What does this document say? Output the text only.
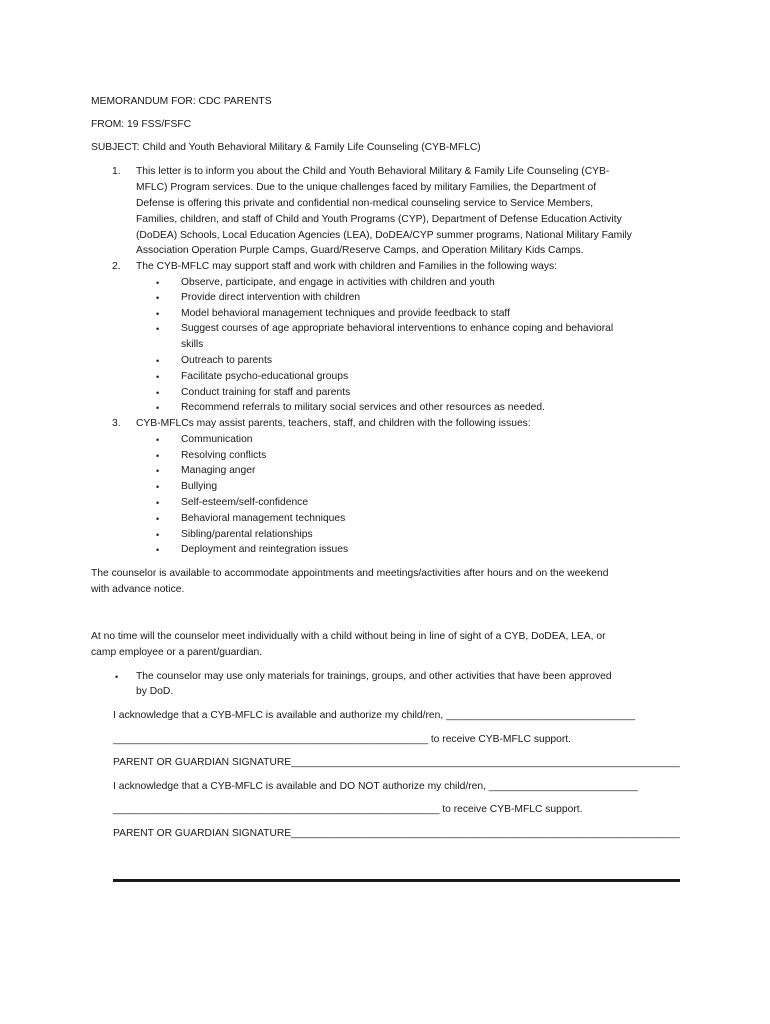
MEMORANDUM FOR: CDC PARENTS
FROM: 19 FSS/FSFC
SUBJECT: Child and Youth Behavioral Military & Family Life Counseling (CYB-MFLC)
1.	This letter is to inform you about the Child and Youth Behavioral Military & Family Life Counseling (CYB-
MFLC) Program services. Due to the unique challenges faced by military Families, the Department of
Defense is offering this private and confidential non-medical counseling service to Service Members,
Families, children, and staff of Child and Youth Programs (CYP), Department of Defense Education Activity
(DoDEA) Schools, Local Education Agencies (LEA), DoDEA/CYP summer programs, National Military Family
Association Operation Purple Camps, Guard/Reserve Camps, and Operation Military Kids Camps.
2.	The CYB-MFLC may support staff and work with children and Families in the following ways:
• Observe, participate, and engage in activities with children and youth
• Provide direct intervention with children
• Model behavioral management techniques and provide feedback to staff
• Suggest courses of age appropriate behavioral interventions to enhance coping and behavioral
skills
• Outreach to parents
• Facilitate psycho-educational groups
• Conduct training for staff and parents
• Recommend referrals to military social services and other resources as needed.
3.	CYB-MFLCs may assist parents, teachers, staff, and children with the following issues:
• Communication
• Resolving conflicts
• Managing anger
• Bullying
• Self-esteem/self-confidence
• Behavioral management techniques
• Sibling/parental relationships
• Deployment and reintegration issues
The counselor is available to accommodate appointments and meetings/activities after hours and on the weekend
with advance notice.
At no time will the counselor meet individually with a child without being in line of sight of a CYB, DoDEA, LEA, or
camp employee or a parent/guardian.
• The counselor may use only materials for trainings, groups, and other activities that have been approved
by DoD.
I acknowledge that a CYB-MFLC is available and authorize my child/ren, _________________________________
_______________________________________________________ to receive CYB-MFLC support.
PARENT OR GUARDIAN SIGNATURE____________________________________________________________________
I acknowledge that a CYB-MFLC is available and DO NOT authorize my child/ren, __________________________
_________________________________________________________ to receive CYB-MFLC support.
PARENT OR GUARDIAN SIGNATURE____________________________________________________________________
